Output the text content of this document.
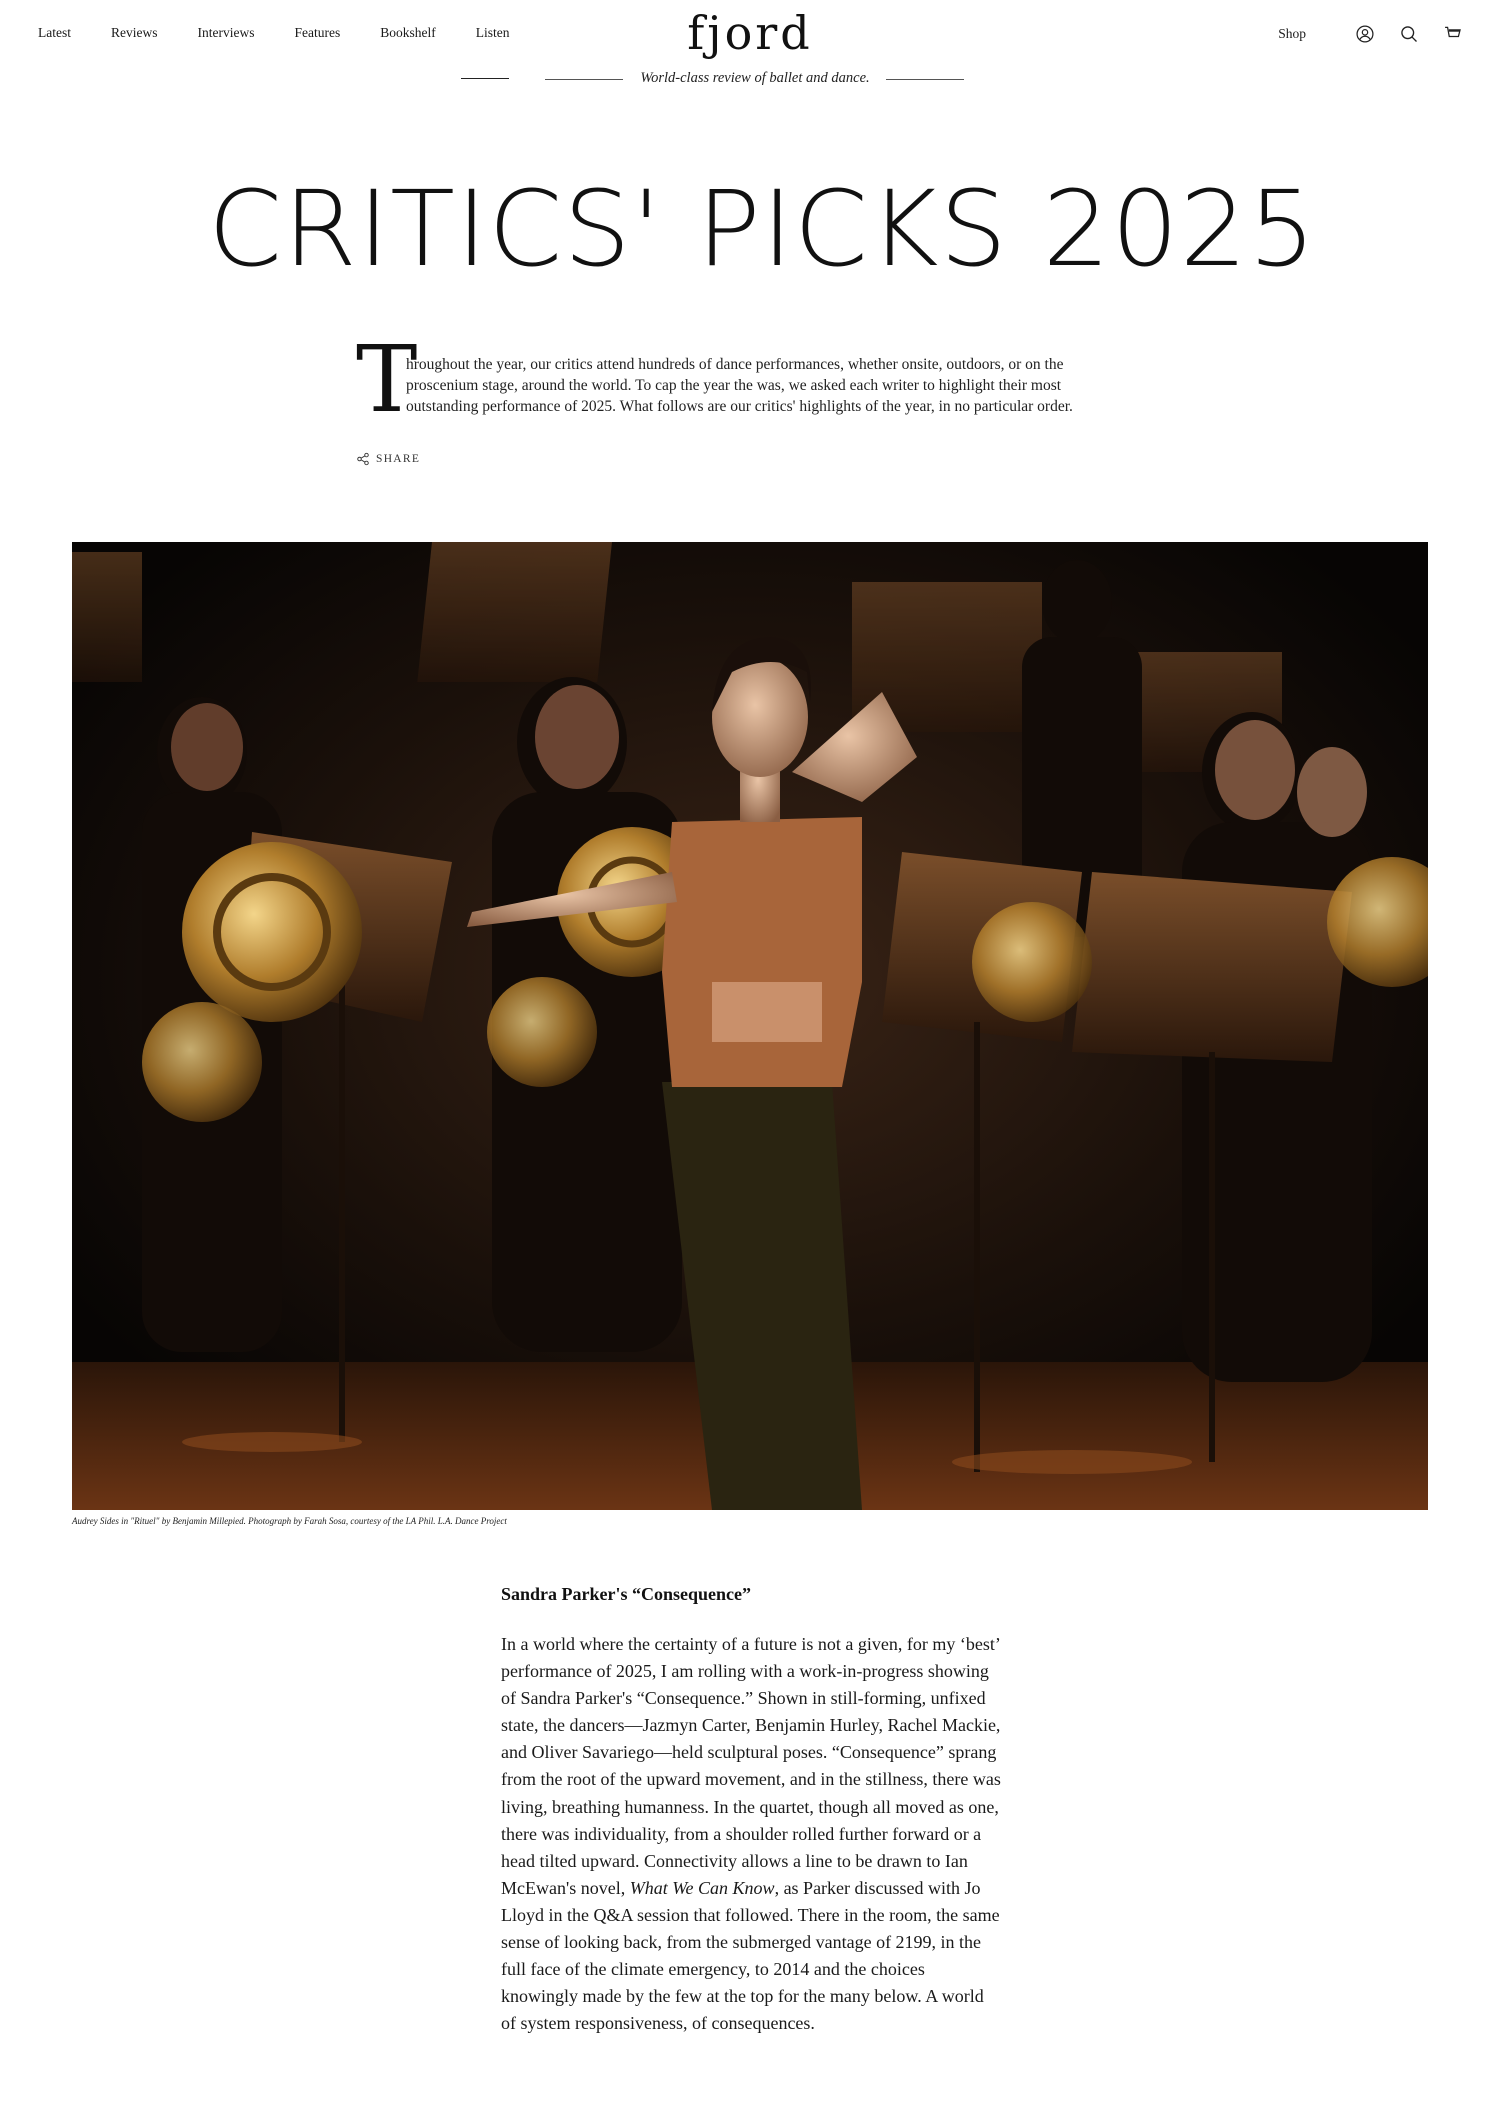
Latest	Reviews	Interviews	Features	Bookshelf	Listen	fjord
World-class review of ballet and dance.
Shop
CRITICS' PICKS 2025
T

hroughout the year, our critics attend hundreds of dance performances, whether onsite, outdoors, or on the proscenium stage, around the world. To cap the year the was, we asked each writer to highlight their most outstanding performance of 2025. What follows are our critics' highlights of the year, in no particular order.

SHARE
Audrey Sides in "Rituel" by Benjamin Millepied. Photograph by Farah Sosa, courtesy of the LA Phil. L.A. Dance Project
Sandra Parker's “Consequence”

In a world where the certainty of a future is not a given, for my ‘best’ performance of 2025, I am rolling with a work-in-progress showing of Sandra Parker's “Consequence.” Shown in still-forming, unfixed state, the dancers—Jazmyn Carter, Benjamin Hurley, Rachel Mackie, and Oliver Savariego—held sculptural poses. “Consequence” sprang from the root of the upward movement, and in the stillness, there was living, breathing humanness. In the quartet, though all moved as one, there was individuality, from a shoulder rolled further forward or a head tilted upward. Connectivity allows a line to be drawn to Ian McEwan's novel, What We Can Know, as Parker discussed with Jo Lloyd in the Q&A session that followed. There in the room, the same sense of looking back, from the submerged vantage of 2199, in the full face of the climate emergency, to 2014 and the choices knowingly made by the few at the top for the many below. A world of system responsiveness, of consequences.
